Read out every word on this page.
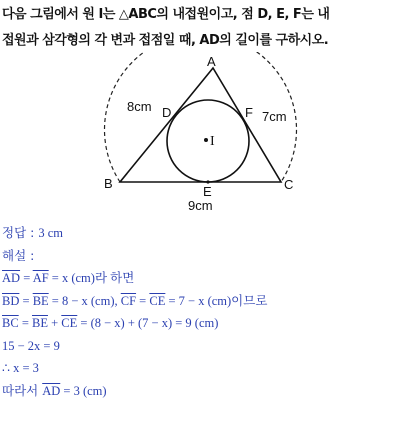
다음 그림에서 원 I는 △ABC의 내접원이고, 점 D, E, F는 내

접원과 삼각형의 각 변과 접점일 때, AD의 길이를 구하시오.

A
B	C
D
E
F
I
8cm
7cm
9cm
정답 : 3 cm
해설 :
$\overline{AD} = \overline{AF} = x$ (cm)라 하면
$\overline{BD} = \overline{BE} = 8 - x$ (cm), $\overline{CF} = \overline{CE} = 7 - x$ (cm)이므로
$\overline{BC} = \overline{BE} + \overline{CE} = (8 - x) + (7 - x) = 9$ (cm)
15 − 2x = 9
∴ x = 3
따라서 $\overline{AD} = 3$ (cm)
